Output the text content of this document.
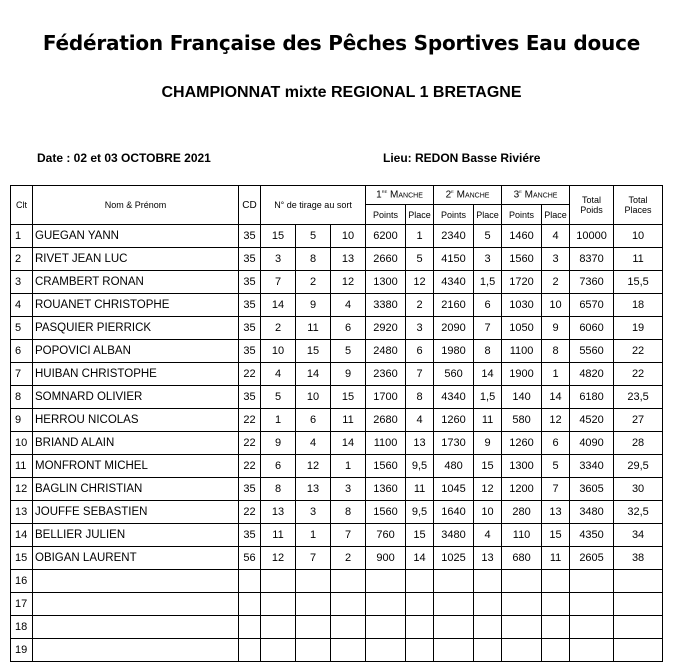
Fédération Française des Pêches Sportives Eau douce
CHAMPIONNAT mixte REGIONAL 1 BRETAGNE
Date : 02 et 03 OCTOBRE 2021	Lieu: REDON Basse Riviére
Clt	Nom & Prénom	CD	N° de tirage au sort			1re Manche		2e Manche		3e Manche		Total Poids	Total Places
						Points	Place	Points	Place	Points	Place		
1	GUEGAN YANN	35	15	5	10	6200	1	2340	5	1460	4	10000	10
2	RIVET JEAN LUC	35	3	8	13	2660	5	4150	3	1560	3	8370	11
3	CRAMBERT RONAN	35	7	2	12	1300	12	4340	1,5	1720	2	7360	15,5
4	ROUANET CHRISTOPHE	35	14	9	4	3380	2	2160	6	1030	10	6570	18
5	PASQUIER PIERRICK	35	2	11	6	2920	3	2090	7	1050	9	6060	19
6	POPOVICI ALBAN	35	10	15	5	2480	6	1980	8	1100	8	5560	22
7	HUIBAN CHRISTOPHE	22	4	14	9	2360	7	560	14	1900	1	4820	22
8	SOMNARD OLIVIER	35	5	10	15	1700	8	4340	1,5	140	14	6180	23,5
9	HERROU NICOLAS	22	1	6	11	2680	4	1260	11	580	12	4520	27
10	BRIAND ALAIN	22	9	4	14	1100	13	1730	9	1260	6	4090	28
11	MONFRONT MICHEL	22	6	12	1	1560	9,5	480	15	1300	5	3340	29,5
12	BAGLIN CHRISTIAN	35	8	13	3	1360	11	1045	12	1200	7	3605	30
13	JOUFFE SEBASTIEN	22	13	3	8	1560	9,5	1640	10	280	13	3480	32,5
14	BELLIER JULIEN	35	11	1	7	760	15	3480	4	110	15	4350	34
15	OBIGAN LAURENT	56	12	7	2	900	14	1025	13	680	11	2605	38
16													
17													
18													
19													
